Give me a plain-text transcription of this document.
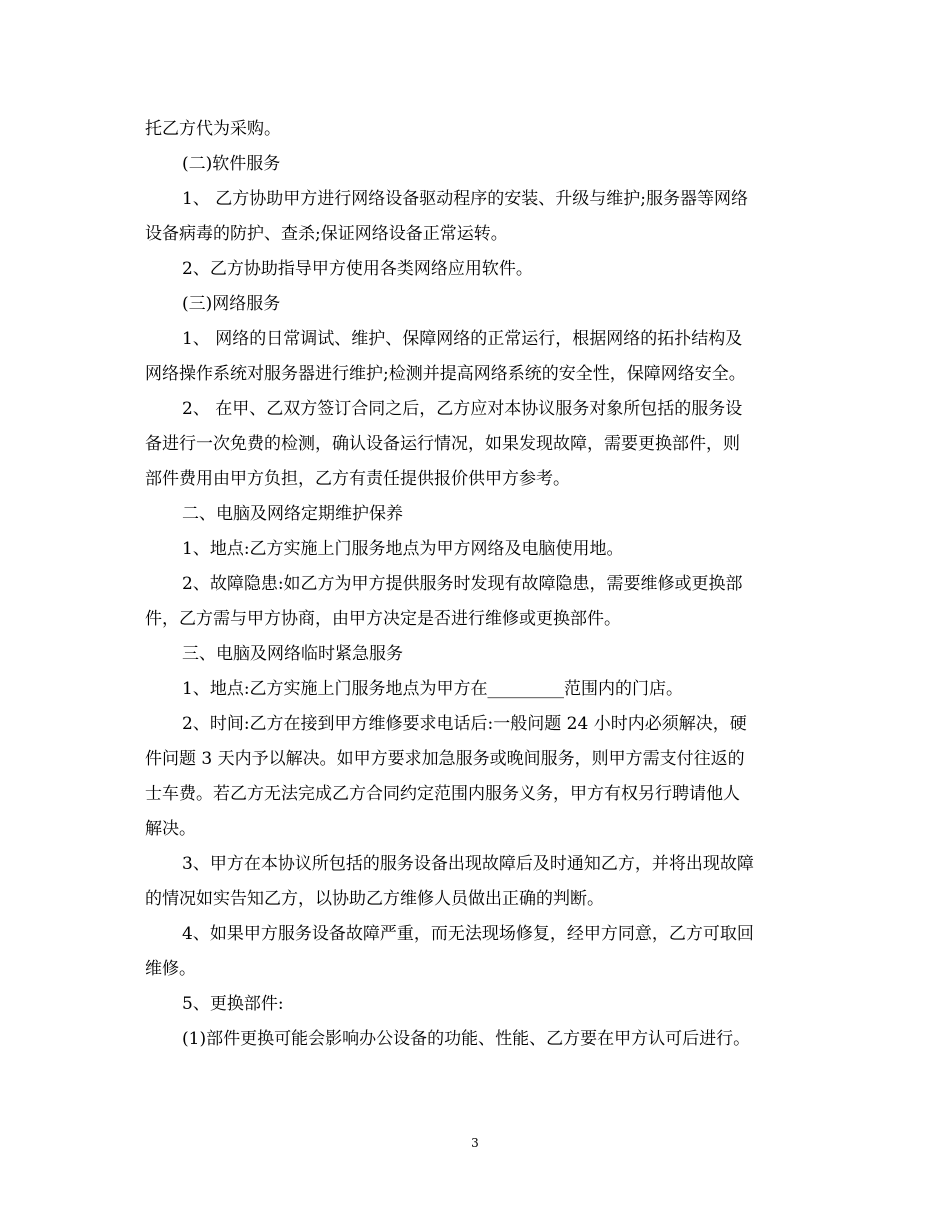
托乙方代为采购。
(二)软件服务
1、 乙方协助甲方进行网络设备驱动程序的安装、升级与维护;服务器等网络
设备病毒的防护、查杀;保证网络设备正常运转。
2、乙方协助指导甲方使用各类网络应用软件。
(三)网络服务
1、 网络的日常调试、维护、保障网络的正常运行，根据网络的拓扑结构及
网络操作系统对服务器进行维护;检测并提高网络系统的安全性，保障网络安全。
2、 在甲、乙双方签订合同之后，乙方应对本协议服务对象所包括的服务设
备进行一次免费的检测，确认设备运行情况，如果发现故障，需要更换部件，则
部件费用由甲方负担，乙方有责任提供报价供甲方参考。
二、电脑及网络定期维护保养
1、地点:乙方实施上门服务地点为甲方网络及电脑使用地。
2、故障隐患:如乙方为甲方提供服务时发现有故障隐患，需要维修或更换部
件，乙方需与甲方协商，由甲方决定是否进行维修或更换部件。
三、电脑及网络临时紧急服务
1、地点:乙方实施上门服务地点为甲方在_________范围内的门店。
2、时间:乙方在接到甲方维修要求电话后:一般问题 24 小时内必须解决，硬
件问题 3 天内予以解决。如甲方要求加急服务或晚间服务，则甲方需支付往返的
士车费。若乙方无法完成乙方合同约定范围内服务义务，甲方有权另行聘请他人
解决。
3、甲方在本协议所包括的服务设备出现故障后及时通知乙方，并将出现故障
的情况如实告知乙方，以协助乙方维修人员做出正确的判断。
4、如果甲方服务设备故障严重，而无法现场修复，经甲方同意，乙方可取回
维修。
5、更换部件:
(1)部件更换可能会影响办公设备的功能、性能、乙方要在甲方认可后进行。
3
